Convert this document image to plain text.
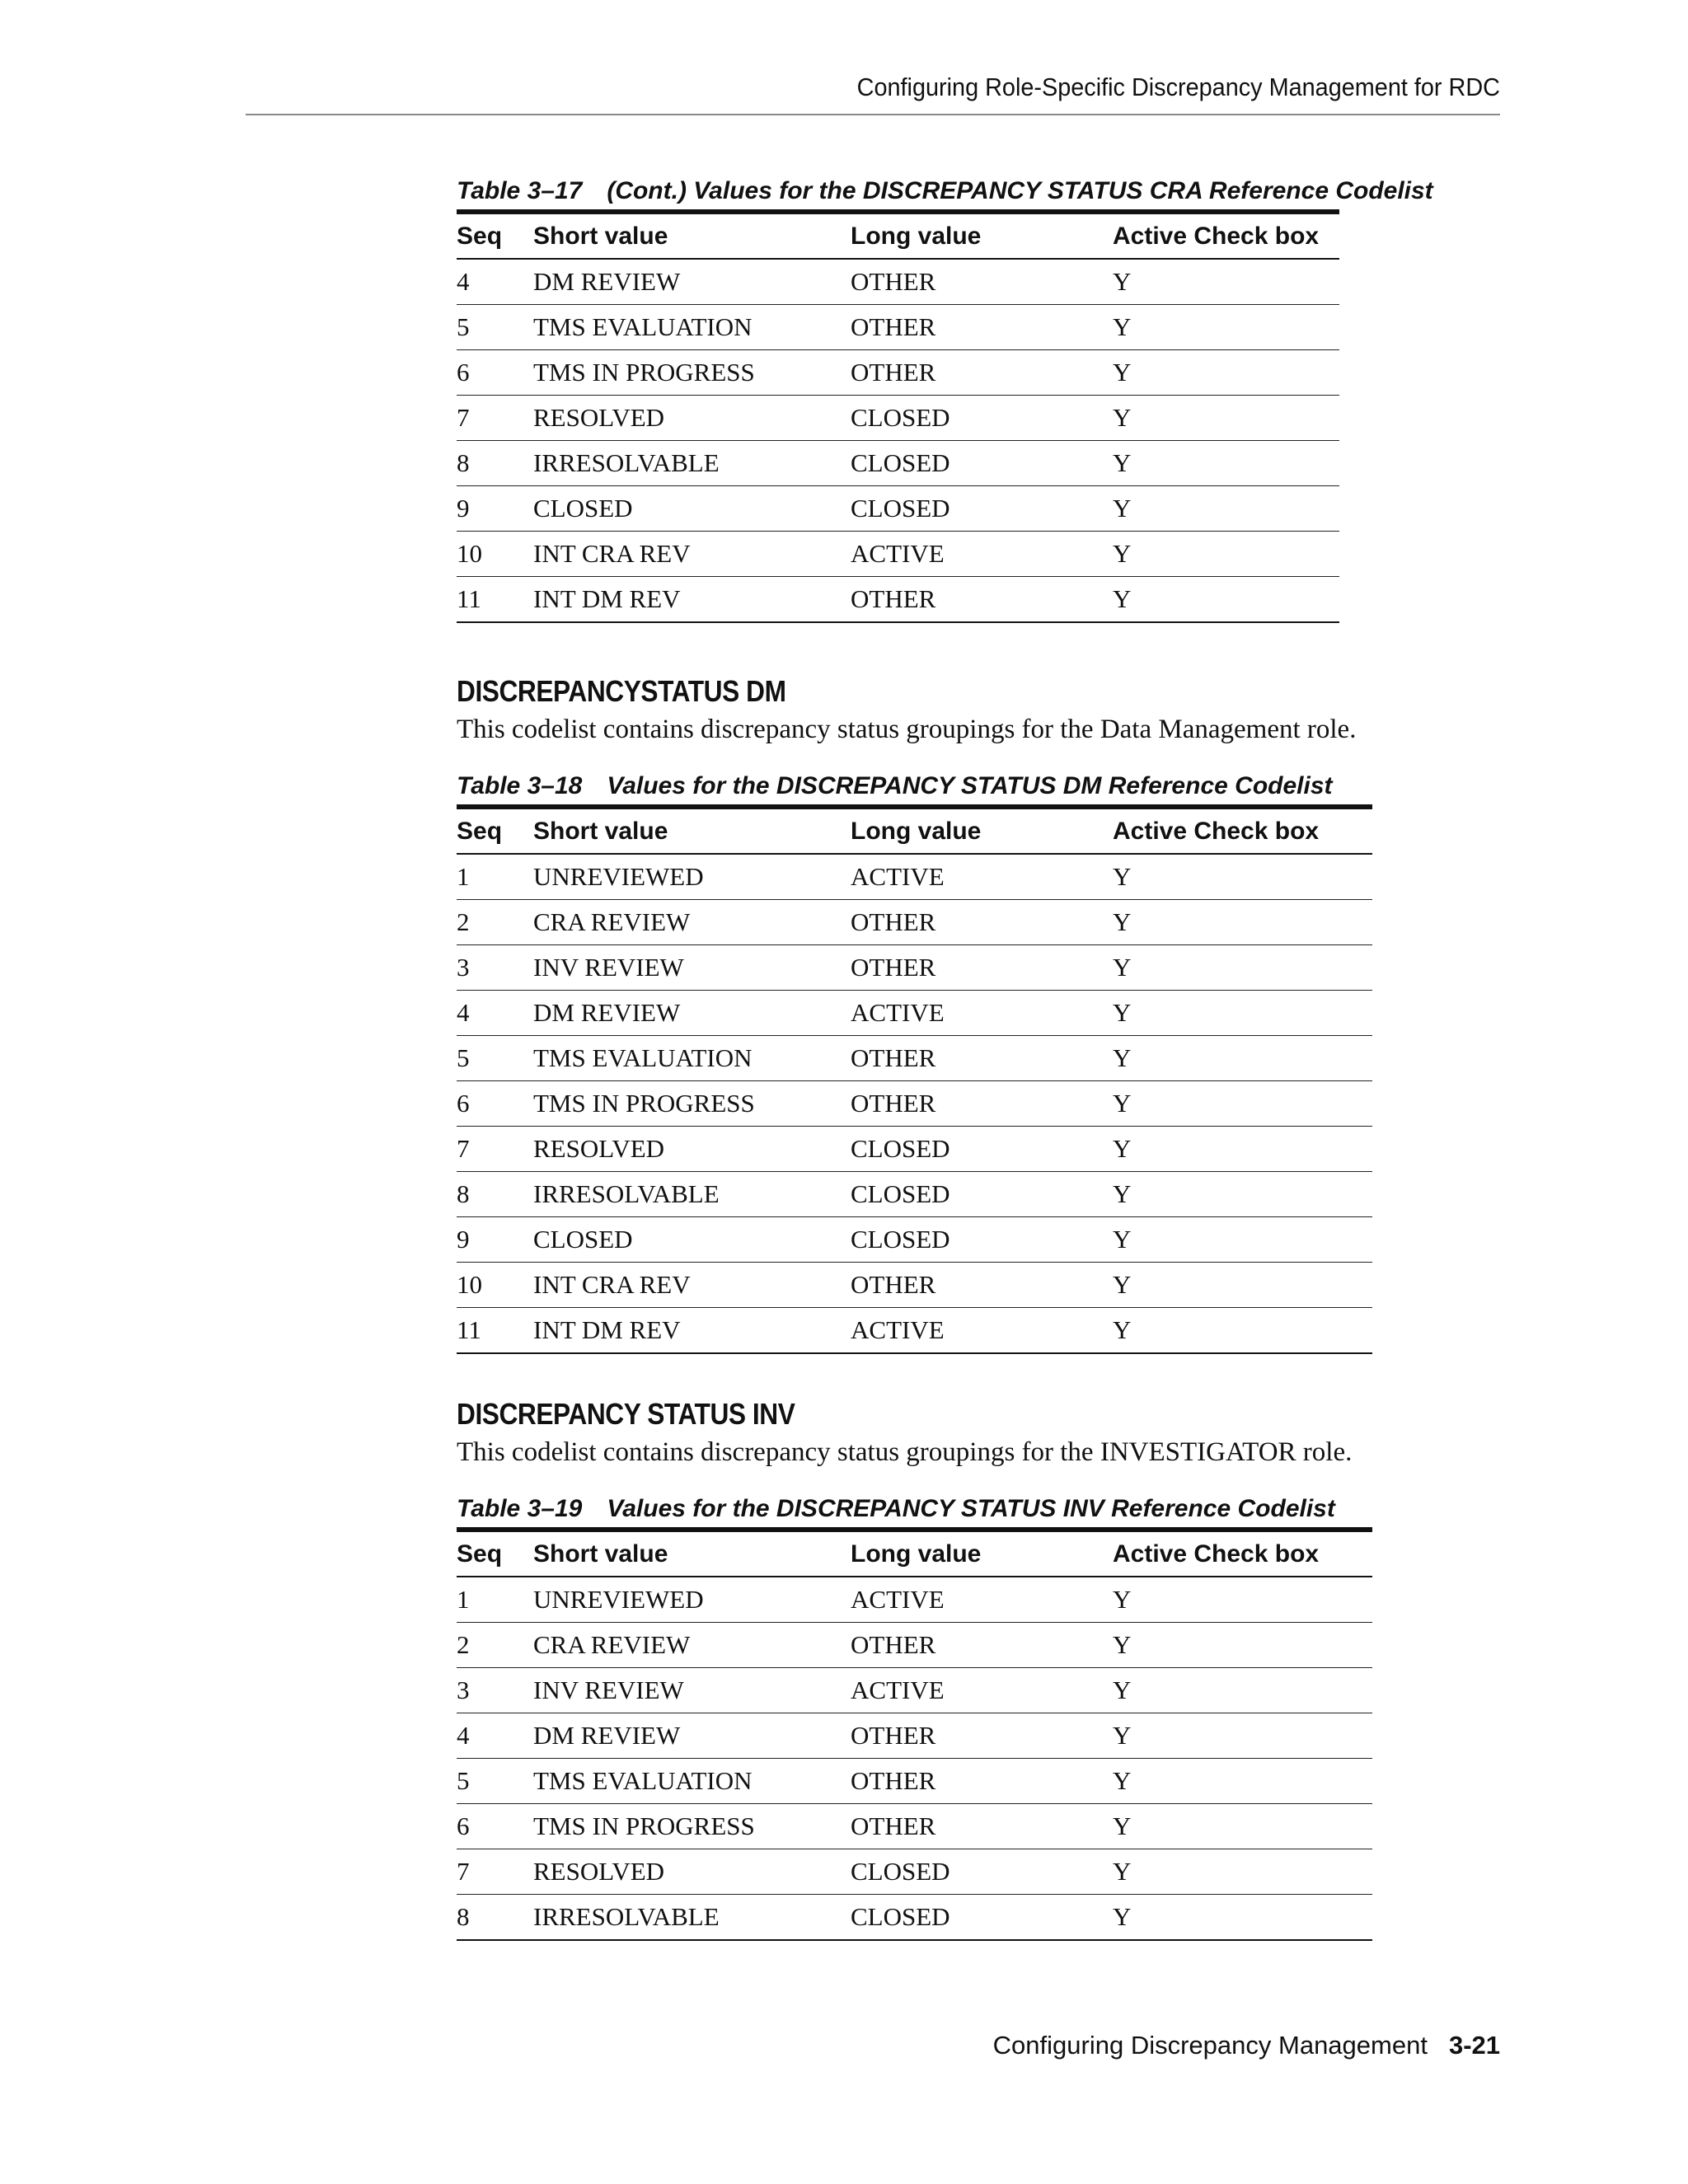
Configuring Role-Specific Discrepancy Management for RDC
Table 3–17 (Cont.) Values for the DISCREPANCY STATUS CRA Reference Codelist
Seq	Short value	Long value	Active Check box
4	DM REVIEW	OTHER	Y
5	TMS EVALUATION	OTHER	Y
6	TMS IN PROGRESS	OTHER	Y
7	RESOLVED	CLOSED	Y
8	IRRESOLVABLE	CLOSED	Y
9	CLOSED	CLOSED	Y
10	INT CRA REV	ACTIVE	Y
11	INT DM REV	OTHER	Y
DISCREPANCYSTATUS DM

This codelist contains discrepancy status groupings for the Data Management role.

Table 3–18 Values for the DISCREPANCY STATUS DM Reference Codelist
Seq	Short value	Long value	Active Check box
1	UNREVIEWED	ACTIVE	Y
2	CRA REVIEW	OTHER	Y
3	INV REVIEW	OTHER	Y
4	DM REVIEW	ACTIVE	Y
5	TMS EVALUATION	OTHER	Y
6	TMS IN PROGRESS	OTHER	Y
7	RESOLVED	CLOSED	Y
8	IRRESOLVABLE	CLOSED	Y
9	CLOSED	CLOSED	Y
10	INT CRA REV	OTHER	Y
11	INT DM REV	ACTIVE	Y
DISCREPANCY STATUS INV

This codelist contains discrepancy status groupings for the INVESTIGATOR role.

Table 3–19 Values for the DISCREPANCY STATUS INV Reference Codelist
Seq	Short value	Long value	Active Check box
1	UNREVIEWED	ACTIVE	Y
2	CRA REVIEW	OTHER	Y
3	INV REVIEW	ACTIVE	Y
4	DM REVIEW	OTHER	Y
5	TMS EVALUATION	OTHER	Y
6	TMS IN PROGRESS	OTHER	Y
7	RESOLVED	CLOSED	Y
8	IRRESOLVABLE	CLOSED	Y
Configuring Discrepancy Management 3-21
